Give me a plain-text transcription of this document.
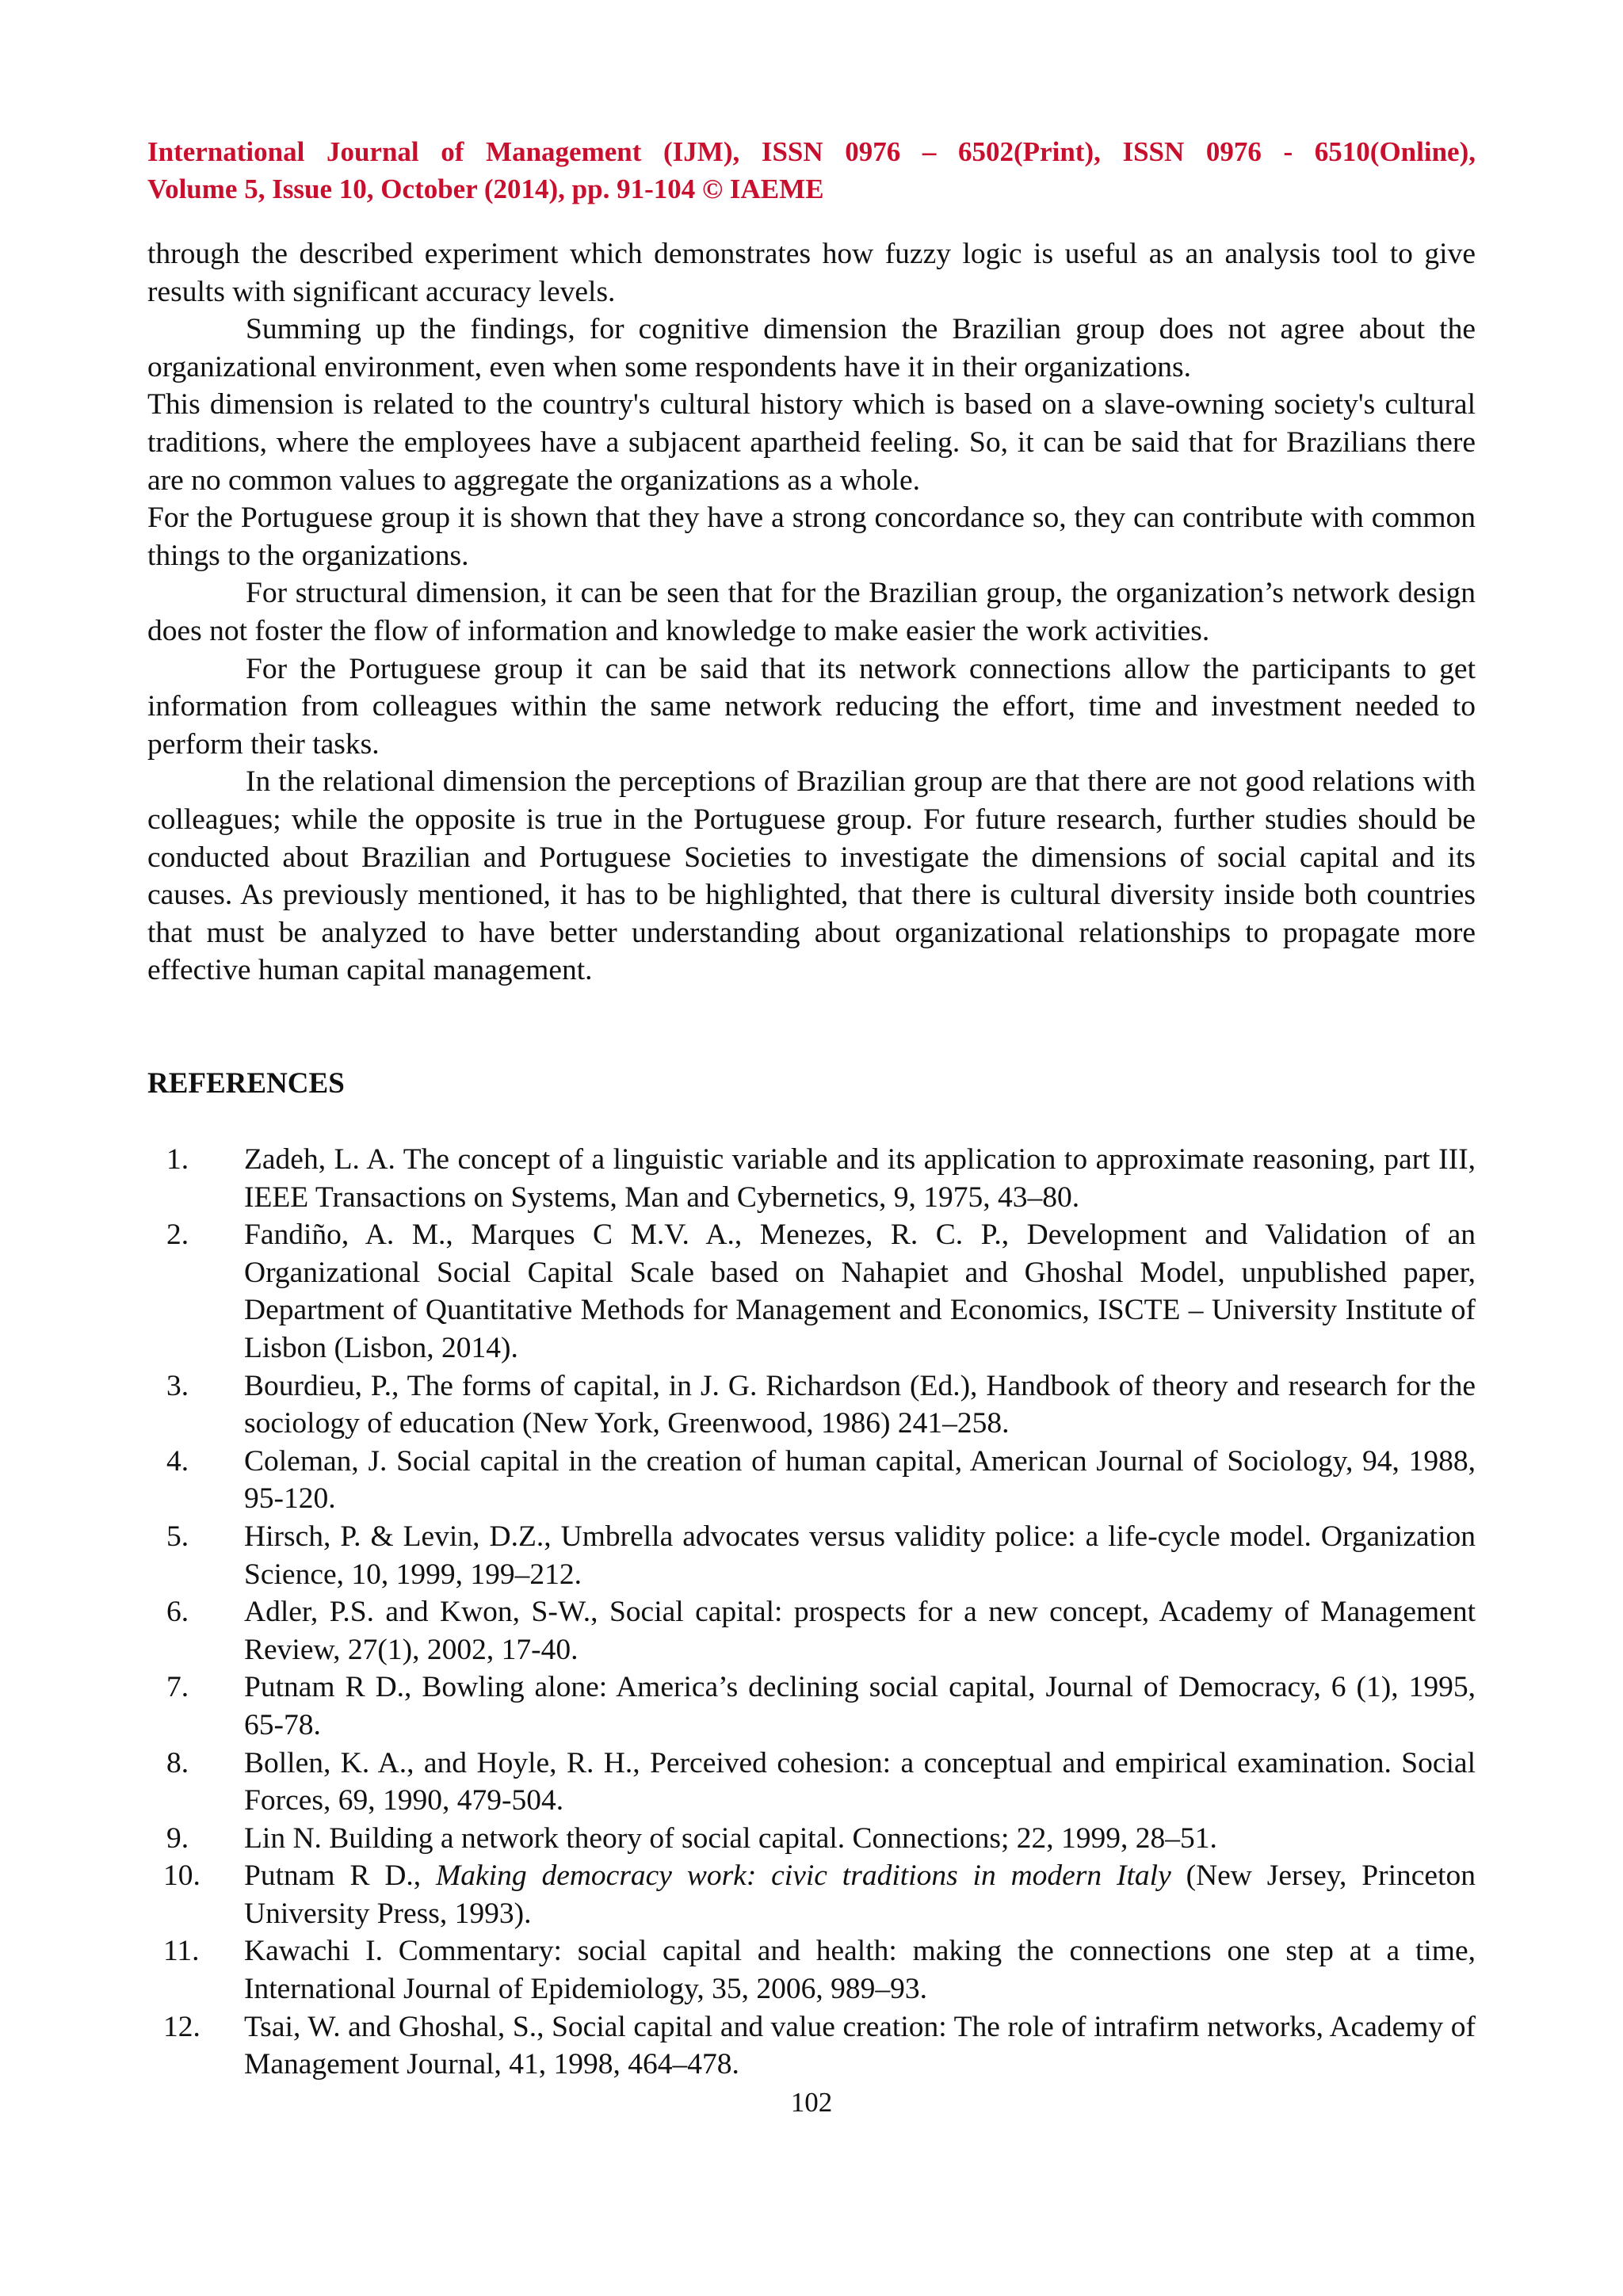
International Journal of Management (IJM), ISSN 0976 – 6502(Print), ISSN 0976 - 6510(Online),
Volume 5, Issue 10, October (2014), pp. 91-104 © IAEME

through the described experiment which demonstrates how fuzzy logic is useful as an analysis tool to give results with significant accuracy levels.

Summing up the findings, for cognitive dimension the Brazilian group does not agree about the organizational environment, even when some respondents have it in their organizations.

This dimension is related to the country's cultural history which is based on a slave-owning society's cultural traditions, where the employees have a subjacent apartheid feeling. So, it can be said that for Brazilians there are no common values to aggregate the organizations as a whole.

For the Portuguese group it is shown that they have a strong concordance so, they can contribute with common things to the organizations.

For structural dimension, it can be seen that for the Brazilian group, the organization’s network design does not foster the flow of information and knowledge to make easier the work activities.

For the Portuguese group it can be said that its network connections allow the participants to get information from colleagues within the same network reducing the effort, time and investment needed to perform their tasks.

In the relational dimension the perceptions of Brazilian group are that there are not good relations with colleagues; while the opposite is true in the Portuguese group. For future research, further studies should be conducted about Brazilian and Portuguese Societies to investigate the dimensions of social capital and its causes. As previously mentioned, it has to be highlighted, that there is cultural diversity inside both countries that must be analyzed to have better understanding about organizational relationships to propagate more effective human capital management.

REFERENCES
1. Zadeh, L. A. The concept of a linguistic variable and its application to approximate reasoning, part III, IEEE Transactions on Systems, Man and Cybernetics, 9, 1975, 43–80.
2. Fandiño, A. M., Marques C M.V. A., Menezes, R. C. P., Development and Validation of an Organizational Social Capital Scale based on Nahapiet and Ghoshal Model, unpublished paper, Department of Quantitative Methods for Management and Economics, ISCTE – University Institute of Lisbon (Lisbon, 2014).
3. Bourdieu, P., The forms of capital, in J. G. Richardson (Ed.), Handbook of theory and research for the sociology of education (New York, Greenwood, 1986) 241–258.
4. Coleman, J. Social capital in the creation of human capital, American Journal of Sociology, 94, 1988, 95-120.
5. Hirsch, P. & Levin, D.Z., Umbrella advocates versus validity police: a life-cycle model. Organization Science, 10, 1999, 199–212.
6. Adler, P.S. and Kwon, S-W., Social capital: prospects for a new concept, Academy of Management Review, 27(1), 2002, 17-40.
7. Putnam R D., Bowling alone: America’s declining social capital, Journal of Democracy, 6 (1), 1995, 65-78.
8. Bollen, K. A., and Hoyle, R. H., Perceived cohesion: a conceptual and empirical examination. Social Forces, 69, 1990, 479-504.
9. Lin N. Building a network theory of social capital. Connections; 22, 1999, 28–51.
10. Putnam R D., Making democracy work: civic traditions in modern Italy (New Jersey, Princeton University Press, 1993).
11. Kawachi I. Commentary: social capital and health: making the connections one step at a time, International Journal of Epidemiology, 35, 2006, 989–93.
12. Tsai, W. and Ghoshal, S., Social capital and value creation: The role of intrafirm networks, Academy of Management Journal, 41, 1998, 464–478.
102
